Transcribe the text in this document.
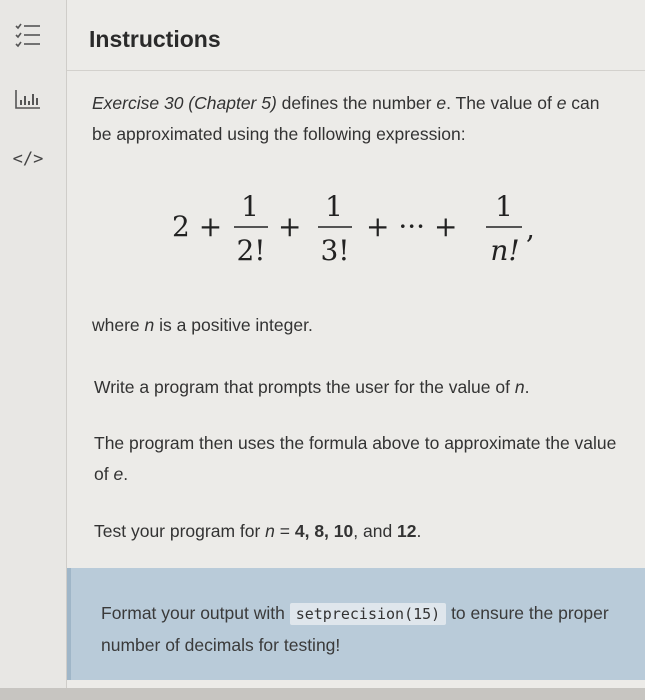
</>
Instructions

Exercise 30 (Chapter 5) defines the number e. The value of e can be approximated using the following expression:

2 +
1
2!
+
1
3!
+ ··· +
1
n!
,

where n is a positive integer.

Write a program that prompts the user for the value of n.

The program then uses the formula above to approximate the value of e.

Test your program for n = 4, 8, 10, and 12.

Format your output with setprecision(15) to ensure the proper number of decimals for testing!
